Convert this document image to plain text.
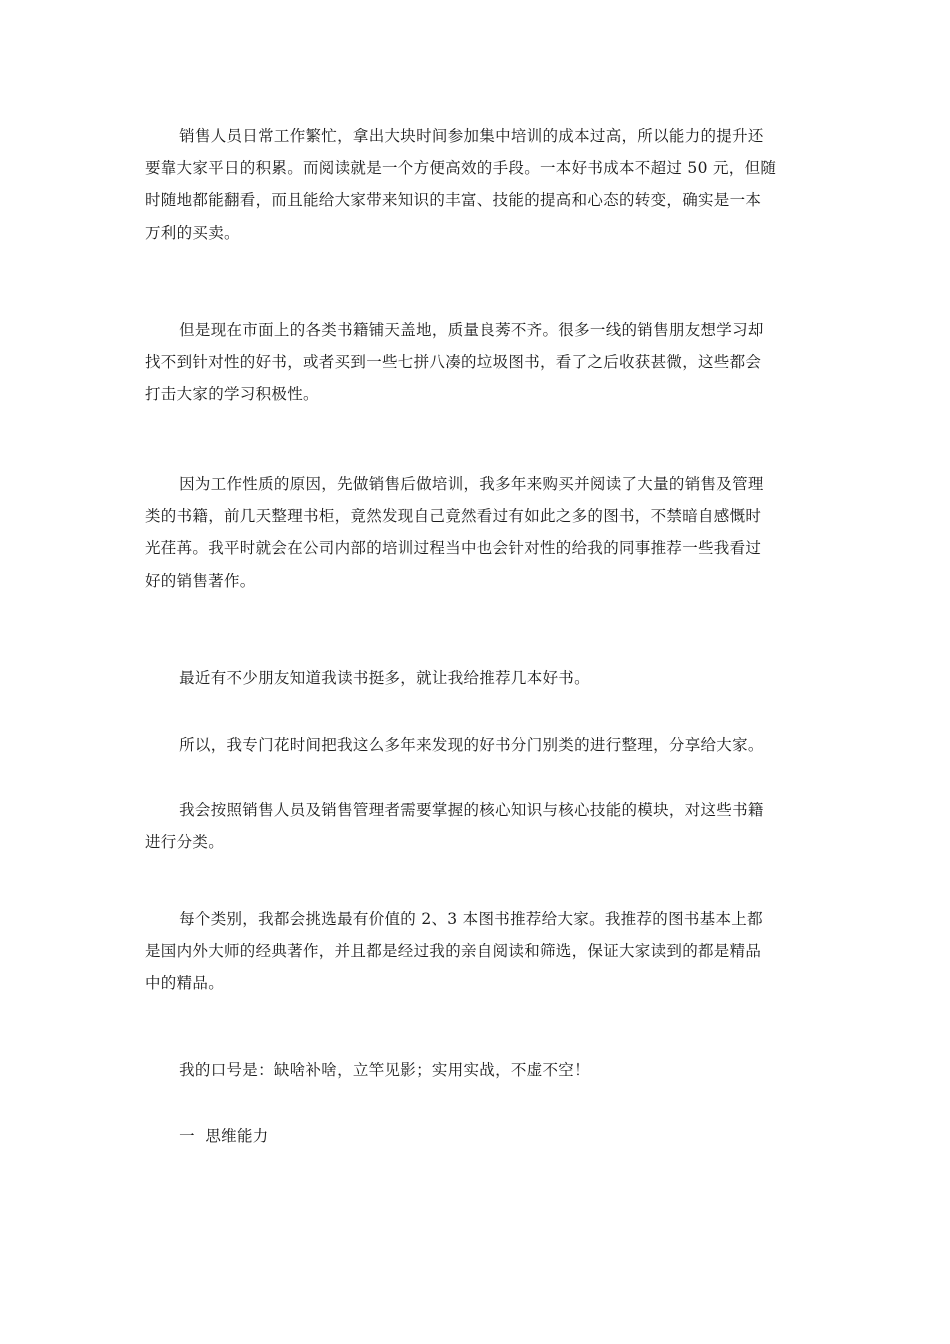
销售人员日常工作繁忙，拿出大块时间参加集中培训的成本过高，所以能力的提升还
要靠大家平日的积累。而阅读就是一个方便高效的手段。一本好书成本不超过 50 元，但随
时随地都能翻看，而且能给大家带来知识的丰富、技能的提高和心态的转变，确实是一本
万利的买卖。

但是现在市面上的各类书籍铺天盖地，质量良莠不齐。很多一线的销售朋友想学习却
找不到针对性的好书，或者买到一些七拼八凑的垃圾图书，看了之后收获甚微，这些都会
打击大家的学习积极性。

因为工作性质的原因，先做销售后做培训，我多年来购买并阅读了大量的销售及管理
类的书籍，前几天整理书柜，竟然发现自己竟然看过有如此之多的图书，不禁暗自感慨时
光荏苒。我平时就会在公司内部的培训过程当中也会针对性的给我的同事推荐一些我看过
好的销售著作。

最近有不少朋友知道我读书挺多，就让我给推荐几本好书。

所以，我专门花时间把我这么多年来发现的好书分门别类的进行整理，分享给大家。

我会按照销售人员及销售管理者需要掌握的核心知识与核心技能的模块，对这些书籍
进行分类。

每个类别，我都会挑选最有价值的 2、3 本图书推荐给大家。我推荐的图书基本上都
是国内外大师的经典著作，并且都是经过我的亲自阅读和筛选，保证大家读到的都是精品
中的精品。

我的口号是：缺啥补啥，立竿见影；实用实战，不虚不空！

一  思维能力
